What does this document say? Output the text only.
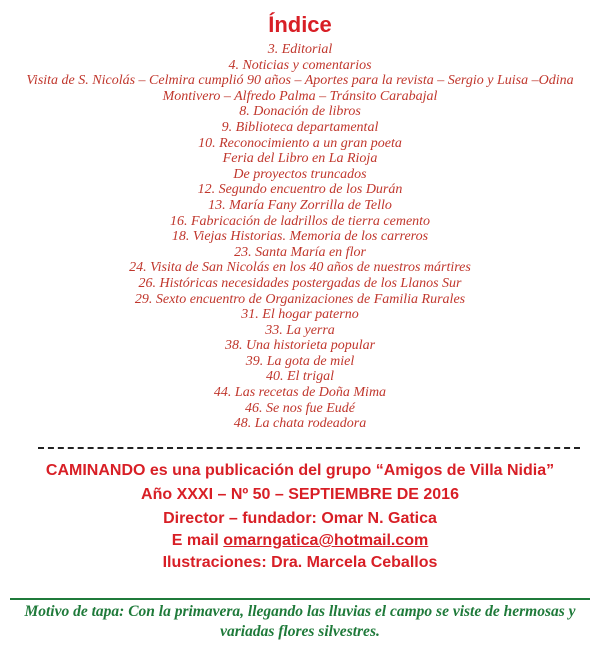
Índice
3. Editorial
4. Noticias y comentarios
Visita de S. Nicolás – Celmira cumplió 90 años – Aportes para la revista – Sergio y Luisa –Odina Montivero – Alfredo Palma – Tránsito Carabajal
8. Donación de libros
9. Biblioteca departamental
10. Reconocimiento a un gran poeta
Feria del Libro en La Rioja
De proyectos truncados
12. Segundo encuentro de los Durán
13. María Fany Zorrilla de Tello
16. Fabricación de ladrillos de tierra cemento
18. Viejas Historias. Memoria de los carreros
23. Santa María en flor
24. Visita de San Nicolás en los 40 años de nuestros mártires
26. Históricas necesidades postergadas de los Llanos Sur
29. Sexto encuentro de Organizaciones de Familia Rurales
31. El hogar paterno
33. La yerra
38. Una historieta popular
39. La gota de miel
40. El trigal
44. Las recetas de Doña Mima
46. Se nos fue Eudé
48. La chata rodeadora

CAMINANDO es una publicación del grupo “Amigos de Villa Nidia”

Año XXXI – Nº 50 – SEPTIEMBRE DE 2016

Director – fundador: Omar N. Gatica

E mail omarngatica@hotmail.com

Ilustraciones: Dra. Marcela Ceballos

Motivo de tapa: Con la primavera, llegando las lluvias el campo se viste de hermosas y variadas flores silvestres.
